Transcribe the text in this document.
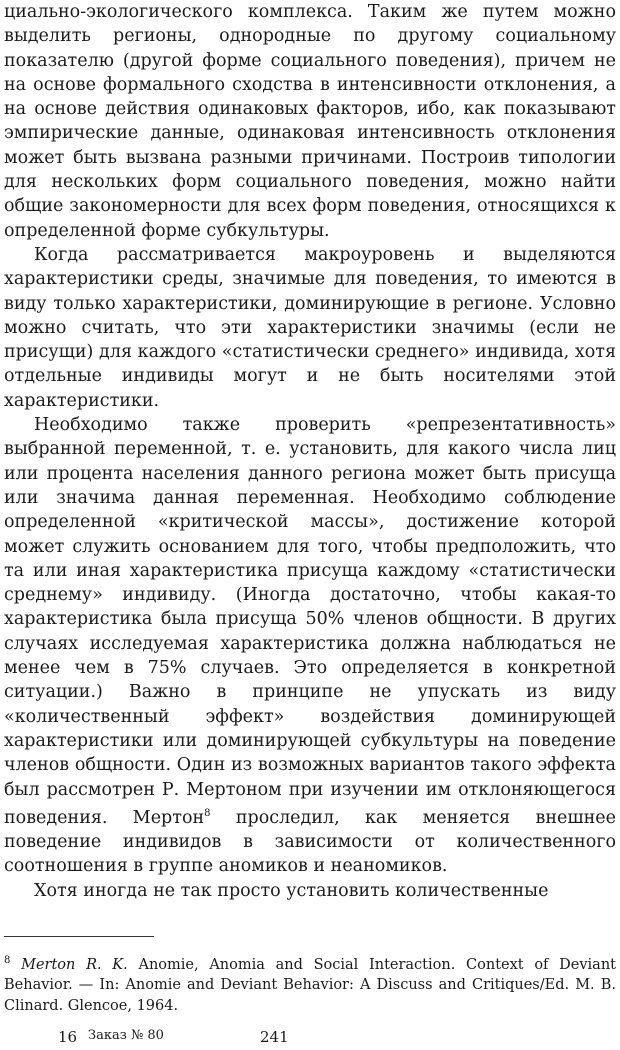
циально-экологического комплекса. Таким же путем можно выделить регионы, однородные по другому социальному показателю (другой форме социального поведения), причем не на основе формального сходства в интенсивности отклонения, а на основе действия одинаковых факторов, ибо, как показывают эмпирические данные, одинаковая интенсивность отклонения может быть вызвана разными причинами. Построив типологии для нескольких форм социального поведения, можно найти общие закономерности для всех форм поведения, относящихся к определенной форме субкультуры.

Когда рассматривается макроуровень и выделяются характеристики среды, значимые для поведения, то имеются в виду только характеристики, доминирующие в регионе. Условно можно считать, что эти характеристики значимы (если не присущи) для каждого «статистически среднего» индивида, хотя отдельные индивиды могут и не быть носителями этой характеристики.

Необходимо также проверить «репрезентативность» выбранной переменной, т. е. установить, для какого числа лиц или процента населения данного региона может быть присуща или значима данная переменная. Необходимо соблюдение определенной «критической массы», достижение которой может служить основанием для того, чтобы предположить, что та или иная характеристика присуща каждому «статистически среднему» индивиду. (Иногда достаточно, чтобы какая-то характеристика была присуща 50% членов общности. В других случаях исследуемая характеристика должна наблюдаться не менее чем в 75% случаев. Это определяется в конкретной ситуации.) Важно в принципе не упускать из виду «количественный эффект» воздействия доминирующей характеристики или доминирующей субкультуры на поведение членов общности. Один из возможных вариантов такого эффекта был рассмотрен Р. Мертоном при изучении им отклоняющегося поведения. Мертон$^8$ проследил, как меняется внешнее поведение индивидов в зависимости от количественного соотношения в группе аномиков и неаномиков.

Хотя иногда не так просто установить количественные

$^8$ Merton R. K. Anomie, Anomia and Social Interaction. Context of Deviant Behavior. — In: Anomie and Deviant Behavior: A Discuss and Critiques/Ed. M. B. Clinard. Glencoe, 1964.
16 Заказ № 80	241
